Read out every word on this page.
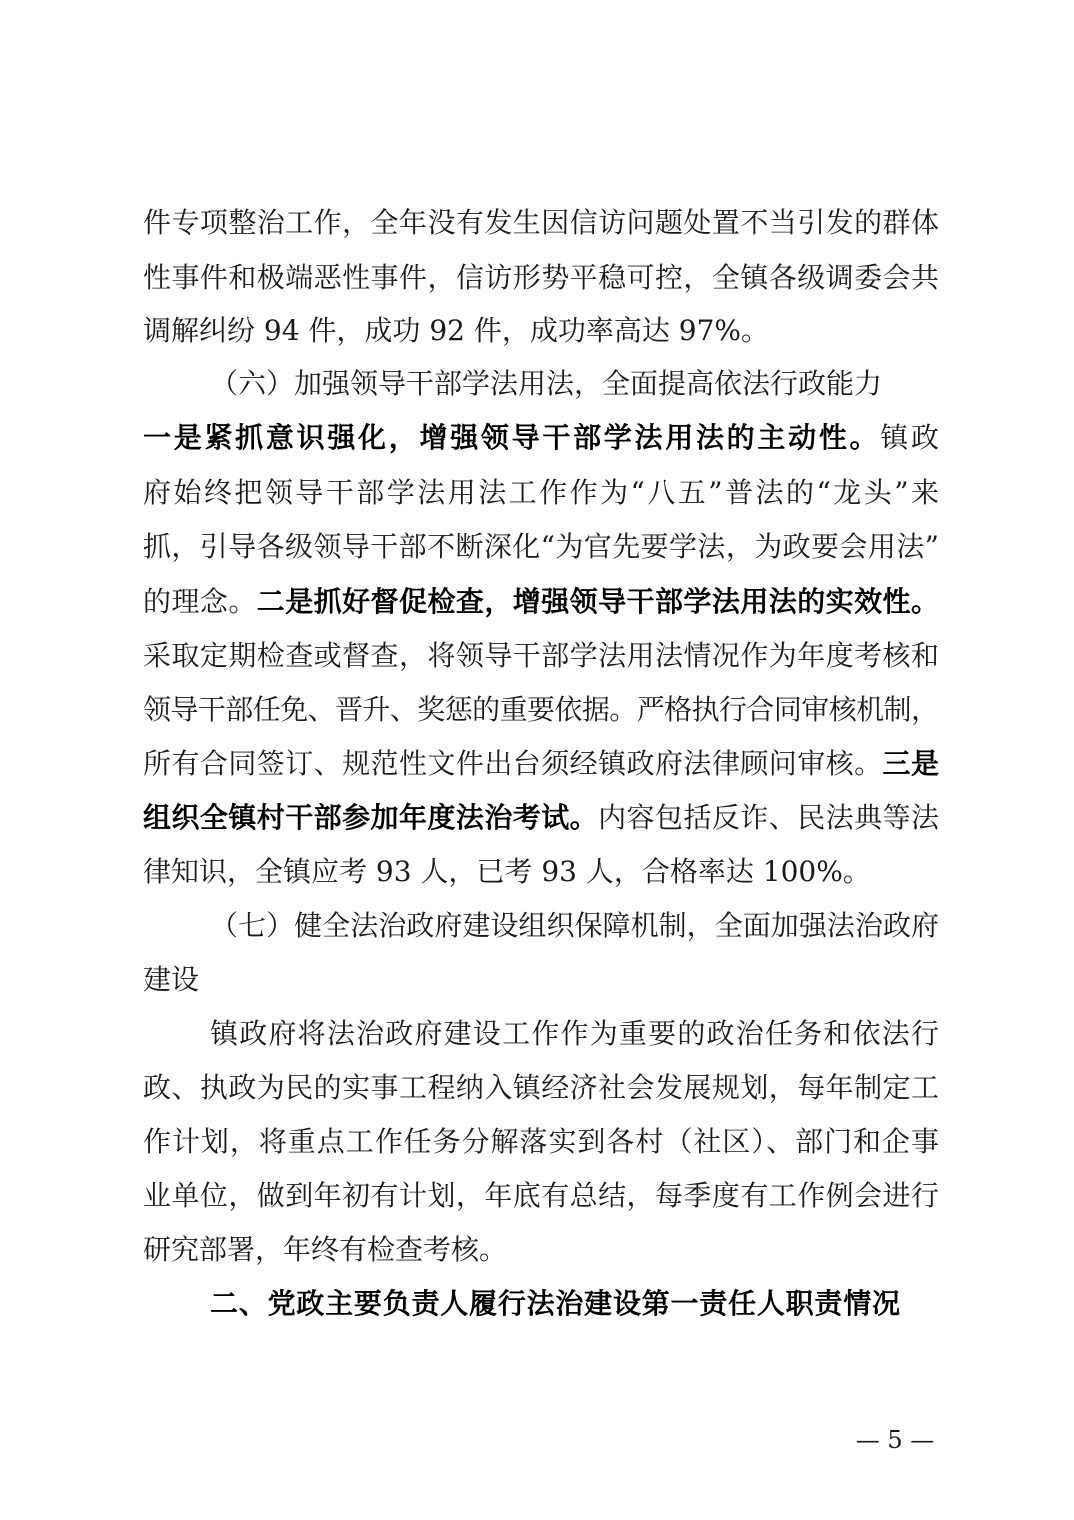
件专项整治工作，全年没有发生因信访问题处置不当引发的群体
性事件和极端恶性事件，信访形势平稳可控，全镇各级调委会共
调解纠纷 94 件，成功 92 件，成功率高达 97%。
（六）加强领导干部学法用法，全面提高依法行政能力
一是紧抓意识强化，增强领导干部学法用法的主动性。镇政
府始终把领导干部学法用法工作作为“八五”普法的“龙头”来
抓，引导各级领导干部不断深化“为官先要学法，为政要会用法”
的理念。二是抓好督促检查，增强领导干部学法用法的实效性。
采取定期检查或督查，将领导干部学法用法情况作为年度考核和
领导干部任免、晋升、奖惩的重要依据。严格执行合同审核机制，
所有合同签订、规范性文件出台须经镇政府法律顾问审核。三是
组织全镇村干部参加年度法治考试。内容包括反诈、民法典等法
律知识，全镇应考 93 人，已考 93 人，合格率达 100%。
（七）健全法治政府建设组织保障机制，全面加强法治政府
建设
镇政府将法治政府建设工作作为重要的政治任务和依法行
政、执政为民的实事工程纳入镇经济社会发展规划，每年制定工
作计划，将重点工作任务分解落实到各村（社区）、部门和企事
业单位，做到年初有计划，年底有总结，每季度有工作例会进行
研究部署，年终有检查考核。
二、党政主要负责人履行法治建设第一责任人职责情况
— 5 —
